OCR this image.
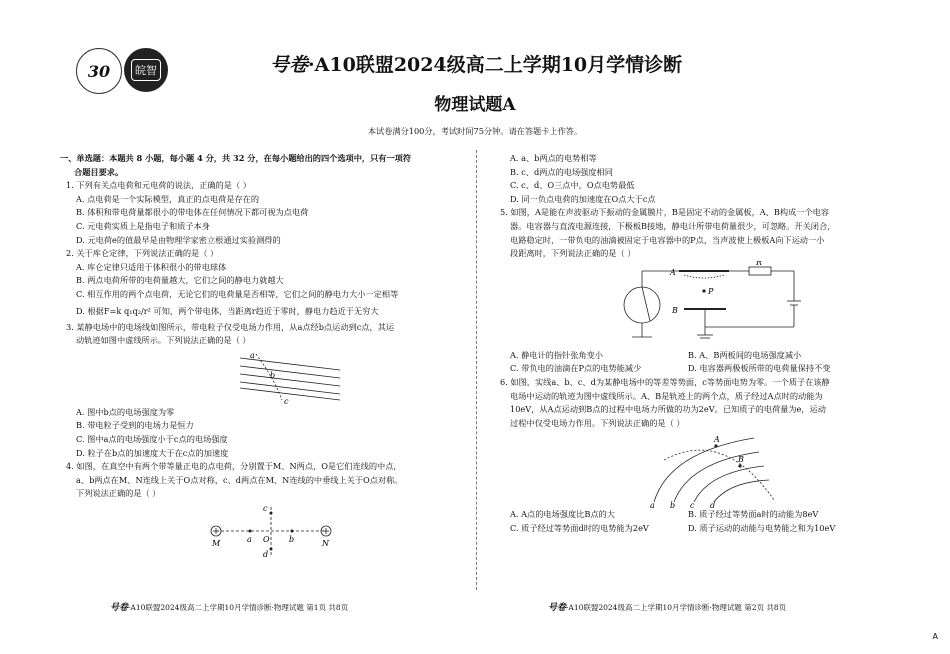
30	皖智	号卷·A10联盟2024级高二上学期10月学情诊断
物理试题A
本试卷满分100分，考试时间75分钟。请在答题卡上作答。

一、单选题：本题共 8 小题，每小题 4 分，共 32 分，在每小题给出的四个选项中，只有一项符

合题目要求。

1. 下列有关点电荷和元电荷的说法，正确的是（ ）

A. 点电荷是一个实际模型，真正的点电荷是存在的

B. 体积和带电荷量都很小的带电体在任何情况下都可视为点电荷

C. 元电荷实质上是指电子和质子本身

D. 元电荷e的值最早是由物理学家密立根通过实验测得的

2. 关于库仑定律，下列说法正确的是（ ）

A. 库仑定律只适用于体积很小的带电球体

B. 两点电荷所带的电荷量越大，它们之间的静电力就越大

C. 相互作用的两个点电荷，无论它们的电荷量是否相等，它们之间的静电力大小一定相等

D. 根据F=k q₁q₂/r² 可知，两个带电体，当距离r趋近于零时，静电力趋近于无穷大

3. 某静电场中的电场线如图所示，带电粒子仅受电场力作用，从a点经b点运动到c点，其运

动轨迹如图中虚线所示。下列说法正确的是（ ）

a
b
c

A. 图中b点的电场强度为零

B. 带电粒子受到的电场力是恒力

C. 图中a点的电场强度小于c点的电场强度

D. 粒子在b点的加速度大于在c点的加速度

4. 如图，在真空中有两个带等量正电的点电荷，分别置于M、N两点，O是它们连线的中点，

a、b两点在M、N连线上关于O点对称，c、d两点在M、N连线的中垂线上关于O点对称。

下列说法正确的是（ ）

M	a O b	N
c
d
号卷·A10联盟2024级高二上学期10月学情诊断·物理试题 第1页 共8页

A. a、b两点的电势相等

B. c、d两点的电场强度相同

C. c、d、O三点中，O点电势最低

D. 同一负点电荷的加速度在O点大于c点

5. 如图，A是能在声波驱动下振动的金属膜片，B是固定不动的金属板，A、B构成一个电容

器。电容器与直流电源连接，下极板B接地，静电计所带电荷量很少，可忽略。开关闭合，

电路稳定时，一带负电的油滴被固定于电容器中的P点，当声波使上极板A向下运动一小

段距离时，下列说法正确的是（ ）

A
P
B
R
A. 静电计的指针张角变小	B. A、B两板间的电场强度减小
C. 带负电的油滴在P点的电势能减少	D. 电容器两极板所带的电荷量保持不变

6. 如图，实线a、b、c、d为某静电场中的等差等势面，c等势面电势为零。一个质子在该静

电场中运动的轨迹为图中虚线所示。A、B是轨迹上的两个点，质子经过A点时的动能为

10eV，从A点运动到B点的过程中电场力所做的功为2eV。已知质子的电荷量为e，运动

过程中仅受电场力作用。下列说法正确的是（ ）

A
B
a b c d
A. A点的电场强度比B点的大	B. 质子经过等势面a时的动能为8eV
C. 质子经过等势面d时的电势能为2eV	D. 质子运动的动能与电势能之和为10eV
号卷·A10联盟2024级高二上学期10月学情诊断·物理试题 第2页 共8页
A
